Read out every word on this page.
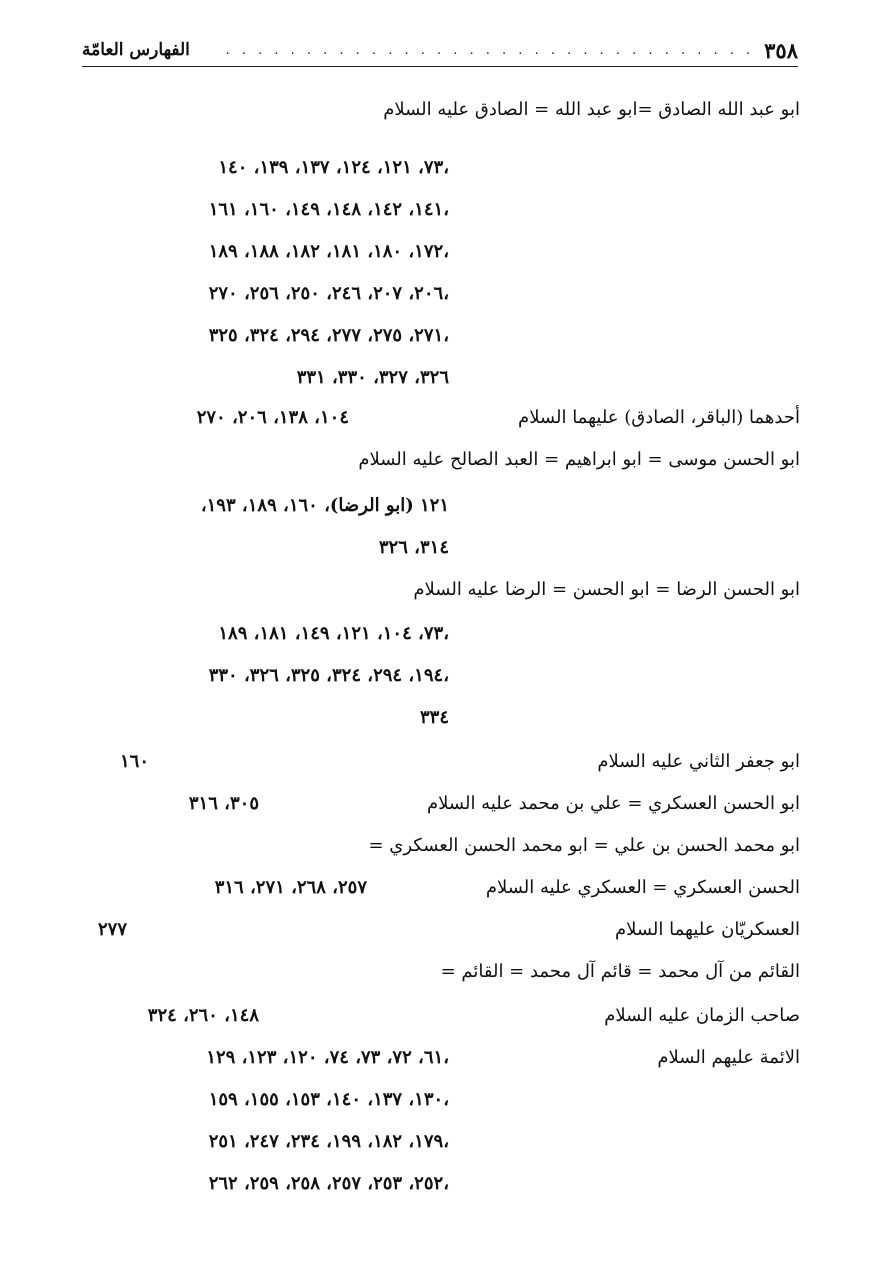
٣٥٨
. . . . . . . . . . . . . . . . . . . . . . . . . . . . . . . . .
الفهارس العامّة
ابو عبد الله الصادق =ابو عبد الله = الصادق عليه السلام
٧٣، ١٢١، ١٢٤، ١٣٧، ١٣٩، ١٤٠،
١٤١، ١٤٢، ١٤٨، ١٤٩، ١٦٠، ١٦١،
١٧٢، ١٨٠، ١٨١، ١٨٢، ١٨٨، ١٨٩،
٢٠٦، ٢٠٧، ٢٤٦، ٢٥٠، ٢٥٦، ٢٧٠،
٢٧١، ٢٧٥، ٢٧٧، ٢٩٤، ٣٢٤، ٣٢٥،
٣٢٦، ٣٢٧، ٣٣٠، ٣٣١
أحدهما (الباقر، الصادق) عليهما السلام
١٠٤، ١٣٨، ٢٠٦، ٢٧٠
ابو الحسن موسى = ابو ابراهيم = العبد الصالح عليه السلام
١٢١ (ابو الرضا)، ١٦٠، ١٨٩، ١٩٣،
٣١٤، ٣٢٦
ابو الحسن الرضا = ابو الحسن = الرضا عليه السلام
٧٣، ١٠٤، ١٢١، ١٤٩، ١٨١، ١٨٩،
١٩٤، ٢٩٤، ٣٢٤، ٣٢٥، ٣٢٦، ٣٣٠،
٣٣٤
ابو جعفر الثاني عليه السلام
١٦٠
ابو الحسن العسكري = علي بن محمد عليه السلام
٣٠٥، ٣١٦
ابو محمد الحسن بن علي = ابو محمد الحسن العسكري =
الحسن العسكري = العسكري عليه السلام
٢٥٧، ٢٦٨، ٢٧١، ٣١٦
العسكريّان عليهما السلام
٢٧٧
القائم من آل محمد = قائم آل محمد = القائم =
صاحب الزمان عليه السلام
١٤٨، ٢٦٠، ٣٢٤
الائمة عليهم السلام
٦١، ٧٢، ٧٣، ٧٤، ١٢٠، ١٢٣، ١٢٩،
١٣٠، ١٣٧، ١٤٠، ١٥٣، ١٥٥، ١٥٩،
١٧٩، ١٨٢، ١٩٩، ٢٣٤، ٢٤٧، ٢٥١،
٢٥٢، ٢٥٣، ٢٥٧، ٢٥٨، ٢٥٩، ٢٦٢،
